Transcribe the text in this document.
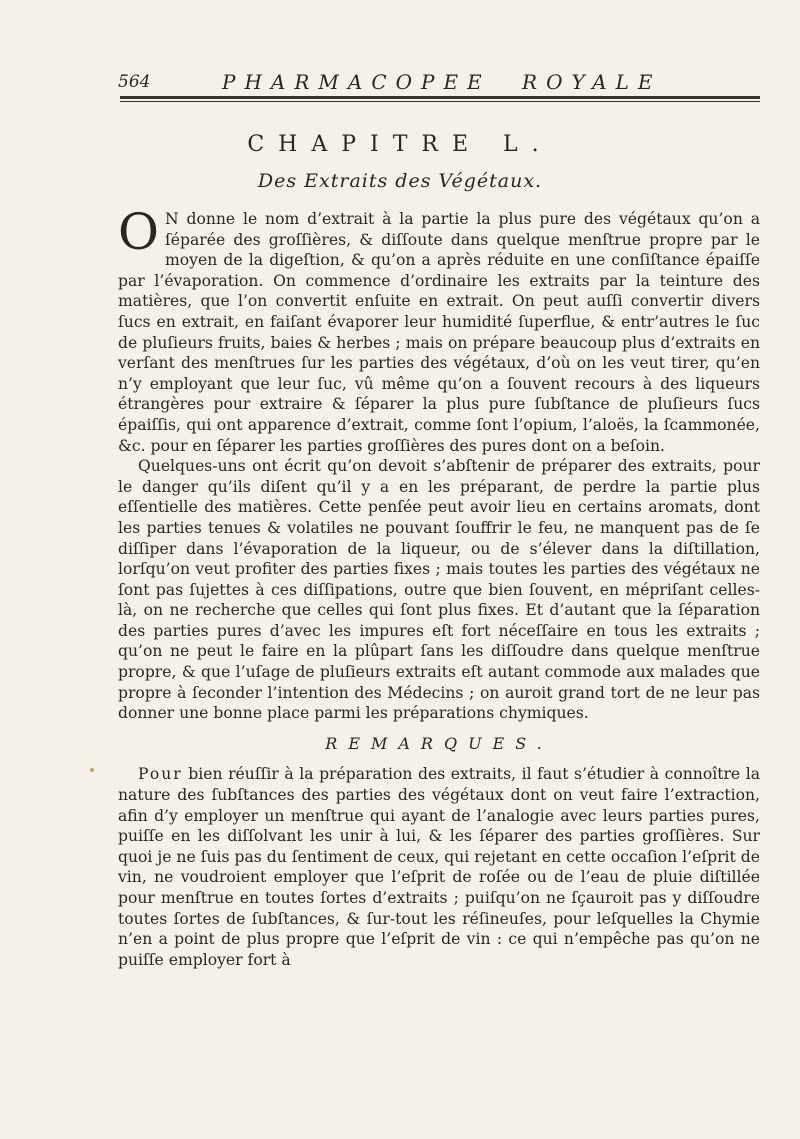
564	PHARMACOPEE ROYALE
CHAPITRE L.
Des Extraits des Végétaux.

O N donne le nom d’extrait à la partie la plus pure des végétaux qu’on a ſéparée des groſſières, & diſſoute dans quelque menſtrue propre par le moyen de la digeſtion, & qu’on a après réduite en une conſiſtance épaiſſe par l’évaporation. On commence d’ordinaire les extraits par la teinture des matières, que l’on convertit enſuite en extrait. On peut auſſi convertir divers ſucs en extrait, en faiſant évaporer leur humidité ſuperflue, & entr’autres le ſuc de pluſieurs fruits, baies & herbes ; mais on prépare beaucoup plus d’extraits en verſant des menſtrues ſur les parties des végétaux, d’où on les veut tirer, qu’en n’y employant que leur ſuc, vû même qu’on a ſouvent recours à des liqueurs étrangères pour extraire & ſéparer la plus pure ſubſtance de pluſieurs ſucs épaiſſis, qui ont apparence d’extrait, comme ſont l’opium, l’aloës, la ſcammonée, &c. pour en ſéparer les parties groſſières des pures dont on a beſoin.

Quelques-uns ont écrit qu’on devoit s’abſtenir de préparer des extraits, pour le danger qu’ils diſent qu’il y a en les préparant, de perdre la partie plus eſſentielle des matières. Cette penſée peut avoir lieu en certains aromats, dont les parties tenues & volatiles ne pouvant ſouffrir le feu, ne manquent pas de ſe diſſiper dans l’évaporation de la liqueur, ou de s’élever dans la diſtillation, lorſqu’on veut profiter des parties fixes ; mais toutes les parties des végétaux ne ſont pas ſujettes à ces diſſipations, outre que bien ſouvent, en mépriſant celles-là, on ne recherche que celles qui ſont plus fixes. Et d’autant que la ſéparation des parties pures d’avec les impures eſt fort néceſſaire en tous les extraits ; qu’on ne peut le faire en la plûpart ſans les diſſoudre dans quelque menſtrue propre, & que l’uſage de pluſieurs extraits eſt autant commode aux malades que propre à ſeconder l’intention des Médecins ; on auroit grand tort de ne leur pas donner une bonne place parmi les préparations chymiques.

REMARQUES.

Pour bien réuſſir à la préparation des extraits, il faut s’étudier à connoître la nature des ſubſtances des parties des végétaux dont on veut faire l’extraction, afin d’y employer un menſtrue qui ayant de l’analogie avec leurs parties pures, puiſſe en les diſſolvant les unir à lui, & les ſéparer des parties groſſières. Sur quoi je ne ſuis pas du ſentiment de ceux, qui rejetant en cette occaſion l’eſprit de vin, ne voudroient employer que l’eſprit de roſée ou de l’eau de pluie diſtillée pour menſtrue en toutes ſortes d’extraits ; puiſqu’on ne ſçauroit pas y diſſoudre toutes ſortes de ſubſtances, & ſur-tout les réſineuſes, pour leſquelles la Chymie n’en a point de plus propre que l’eſprit de vin : ce qui n’empêche pas qu’on ne puiſſe employer fort à
